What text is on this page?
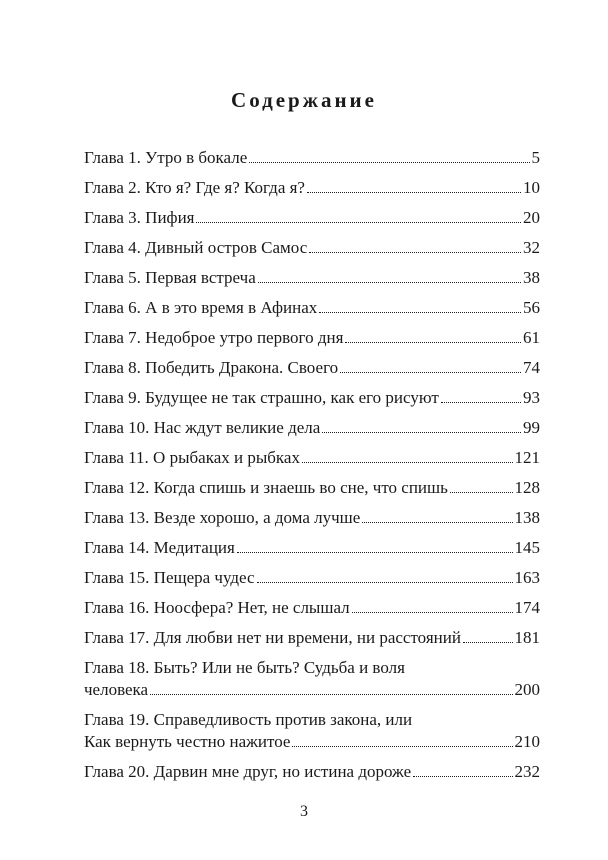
Содержание
Глава 1. Утро в бокале	5
Глава 2. Кто я? Где я? Когда я?	10
Глава 3. Пифия	20
Глава 4. Дивный остров Самос	32
Глава 5. Первая встреча	38
Глава 6. А в это время в Афинах	56
Глава 7. Недоброе утро первого дня	61
Глава 8. Победить Дракона. Своего	74
Глава 9. Будущее не так страшно, как его рисуют	93
Глава 10. Нас ждут великие дела	99
Глава 11. О рыбаках и рыбках	121
Глава 12. Когда спишь и знаешь во сне, что спишь	128
Глава 13. Везде хорошо, а дома лучше	138
Глава 14. Медитация	145
Глава 15. Пещера чудес	163
Глава 16. Ноосфера? Нет, не слышал	174
Глава 17. Для любви нет ни времени, ни расстояний	181
Глава 18. Быть? Или не быть? Судьба и воля
человека	200
Глава 19. Справедливость против закона, или
Как вернуть честно нажитое	210
Глава 20. Дарвин мне друг, но истина дороже	232
3
